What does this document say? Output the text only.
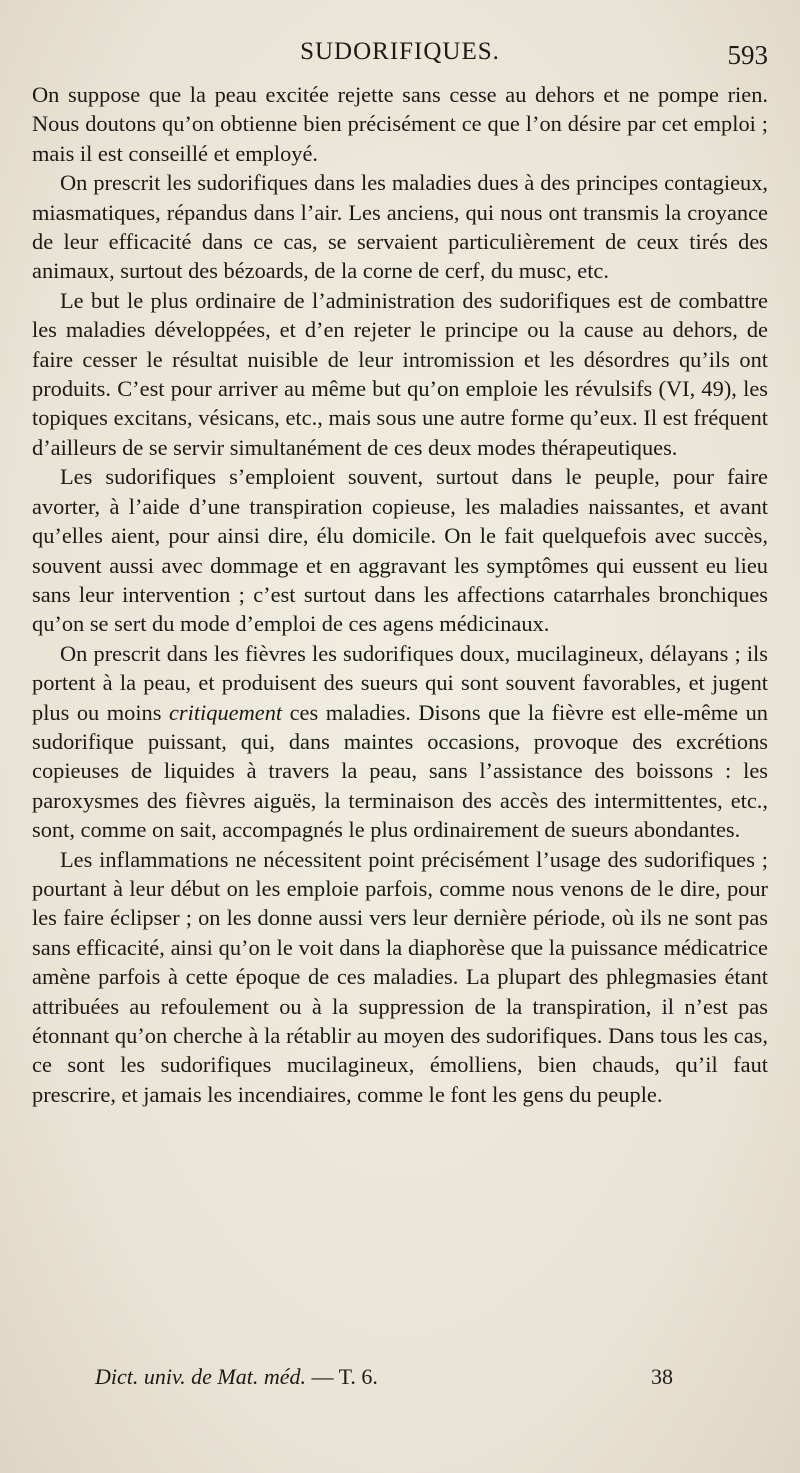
SUDORIFIQUES.	593

On suppose que la peau excitée rejette sans cesse au dehors et ne pompe rien. Nous doutons qu’on obtienne bien précisément ce que l’on désire par cet emploi ; mais il est conseillé et employé.

On prescrit les sudorifiques dans les maladies dues à des principes contagieux, miasmatiques, répandus dans l’air. Les anciens, qui nous ont transmis la croyance de leur efficacité dans ce cas, se servaient particulièrement de ceux tirés des animaux, surtout des bézoards, de la corne de cerf, du musc, etc.

Le but le plus ordinaire de l’administration des sudorifiques est de combattre les maladies développées, et d’en rejeter le principe ou la cause au dehors, de faire cesser le résultat nuisible de leur intromission et les désordres qu’ils ont produits. C’est pour arriver au même but qu’on emploie les révulsifs (VI, 49), les topiques excitans, vésicans, etc., mais sous une autre forme qu’eux. Il est fréquent d’ailleurs de se servir simultanément de ces deux modes thérapeutiques.

Les sudorifiques s’emploient souvent, surtout dans le peuple, pour faire avorter, à l’aide d’une transpiration copieuse, les maladies naissantes, et avant qu’elles aient, pour ainsi dire, élu domicile. On le fait quelquefois avec succès, souvent aussi avec dommage et en aggravant les symptômes qui eussent eu lieu sans leur intervention ; c’est surtout dans les affections catarrhales bronchiques qu’on se sert du mode d’emploi de ces agens médicinaux.

On prescrit dans les fièvres les sudorifiques doux, mucilagineux, délayans ; ils portent à la peau, et produisent des sueurs qui sont souvent favorables, et jugent plus ou moins critiquement ces maladies. Disons que la fièvre est elle-même un sudorifique puissant, qui, dans maintes occasions, provoque des excrétions copieuses de liquides à travers la peau, sans l’assistance des boissons : les paroxysmes des fièvres aiguës, la terminaison des accès des intermittentes, etc., sont, comme on sait, accompagnés le plus ordinairement de sueurs abondantes.

Les inflammations ne nécessitent point précisément l’usage des sudorifiques ; pourtant à leur début on les emploie parfois, comme nous venons de le dire, pour les faire éclipser ; on les donne aussi vers leur dernière période, où ils ne sont pas sans efficacité, ainsi qu’on le voit dans la diaphorèse que la puissance médicatrice amène parfois à cette époque de ces maladies. La plupart des phlegmasies étant attribuées au refoulement ou à la suppression de la transpiration, il n’est pas étonnant qu’on cherche à la rétablir au moyen des sudorifiques. Dans tous les cas, ce sont les sudorifiques mucilagineux, émolliens, bien chauds, qu’il faut prescrire, et jamais les incendiaires, comme le font les gens du peuple.

Dict. univ. de Mat. méd. — T. 6.	38
